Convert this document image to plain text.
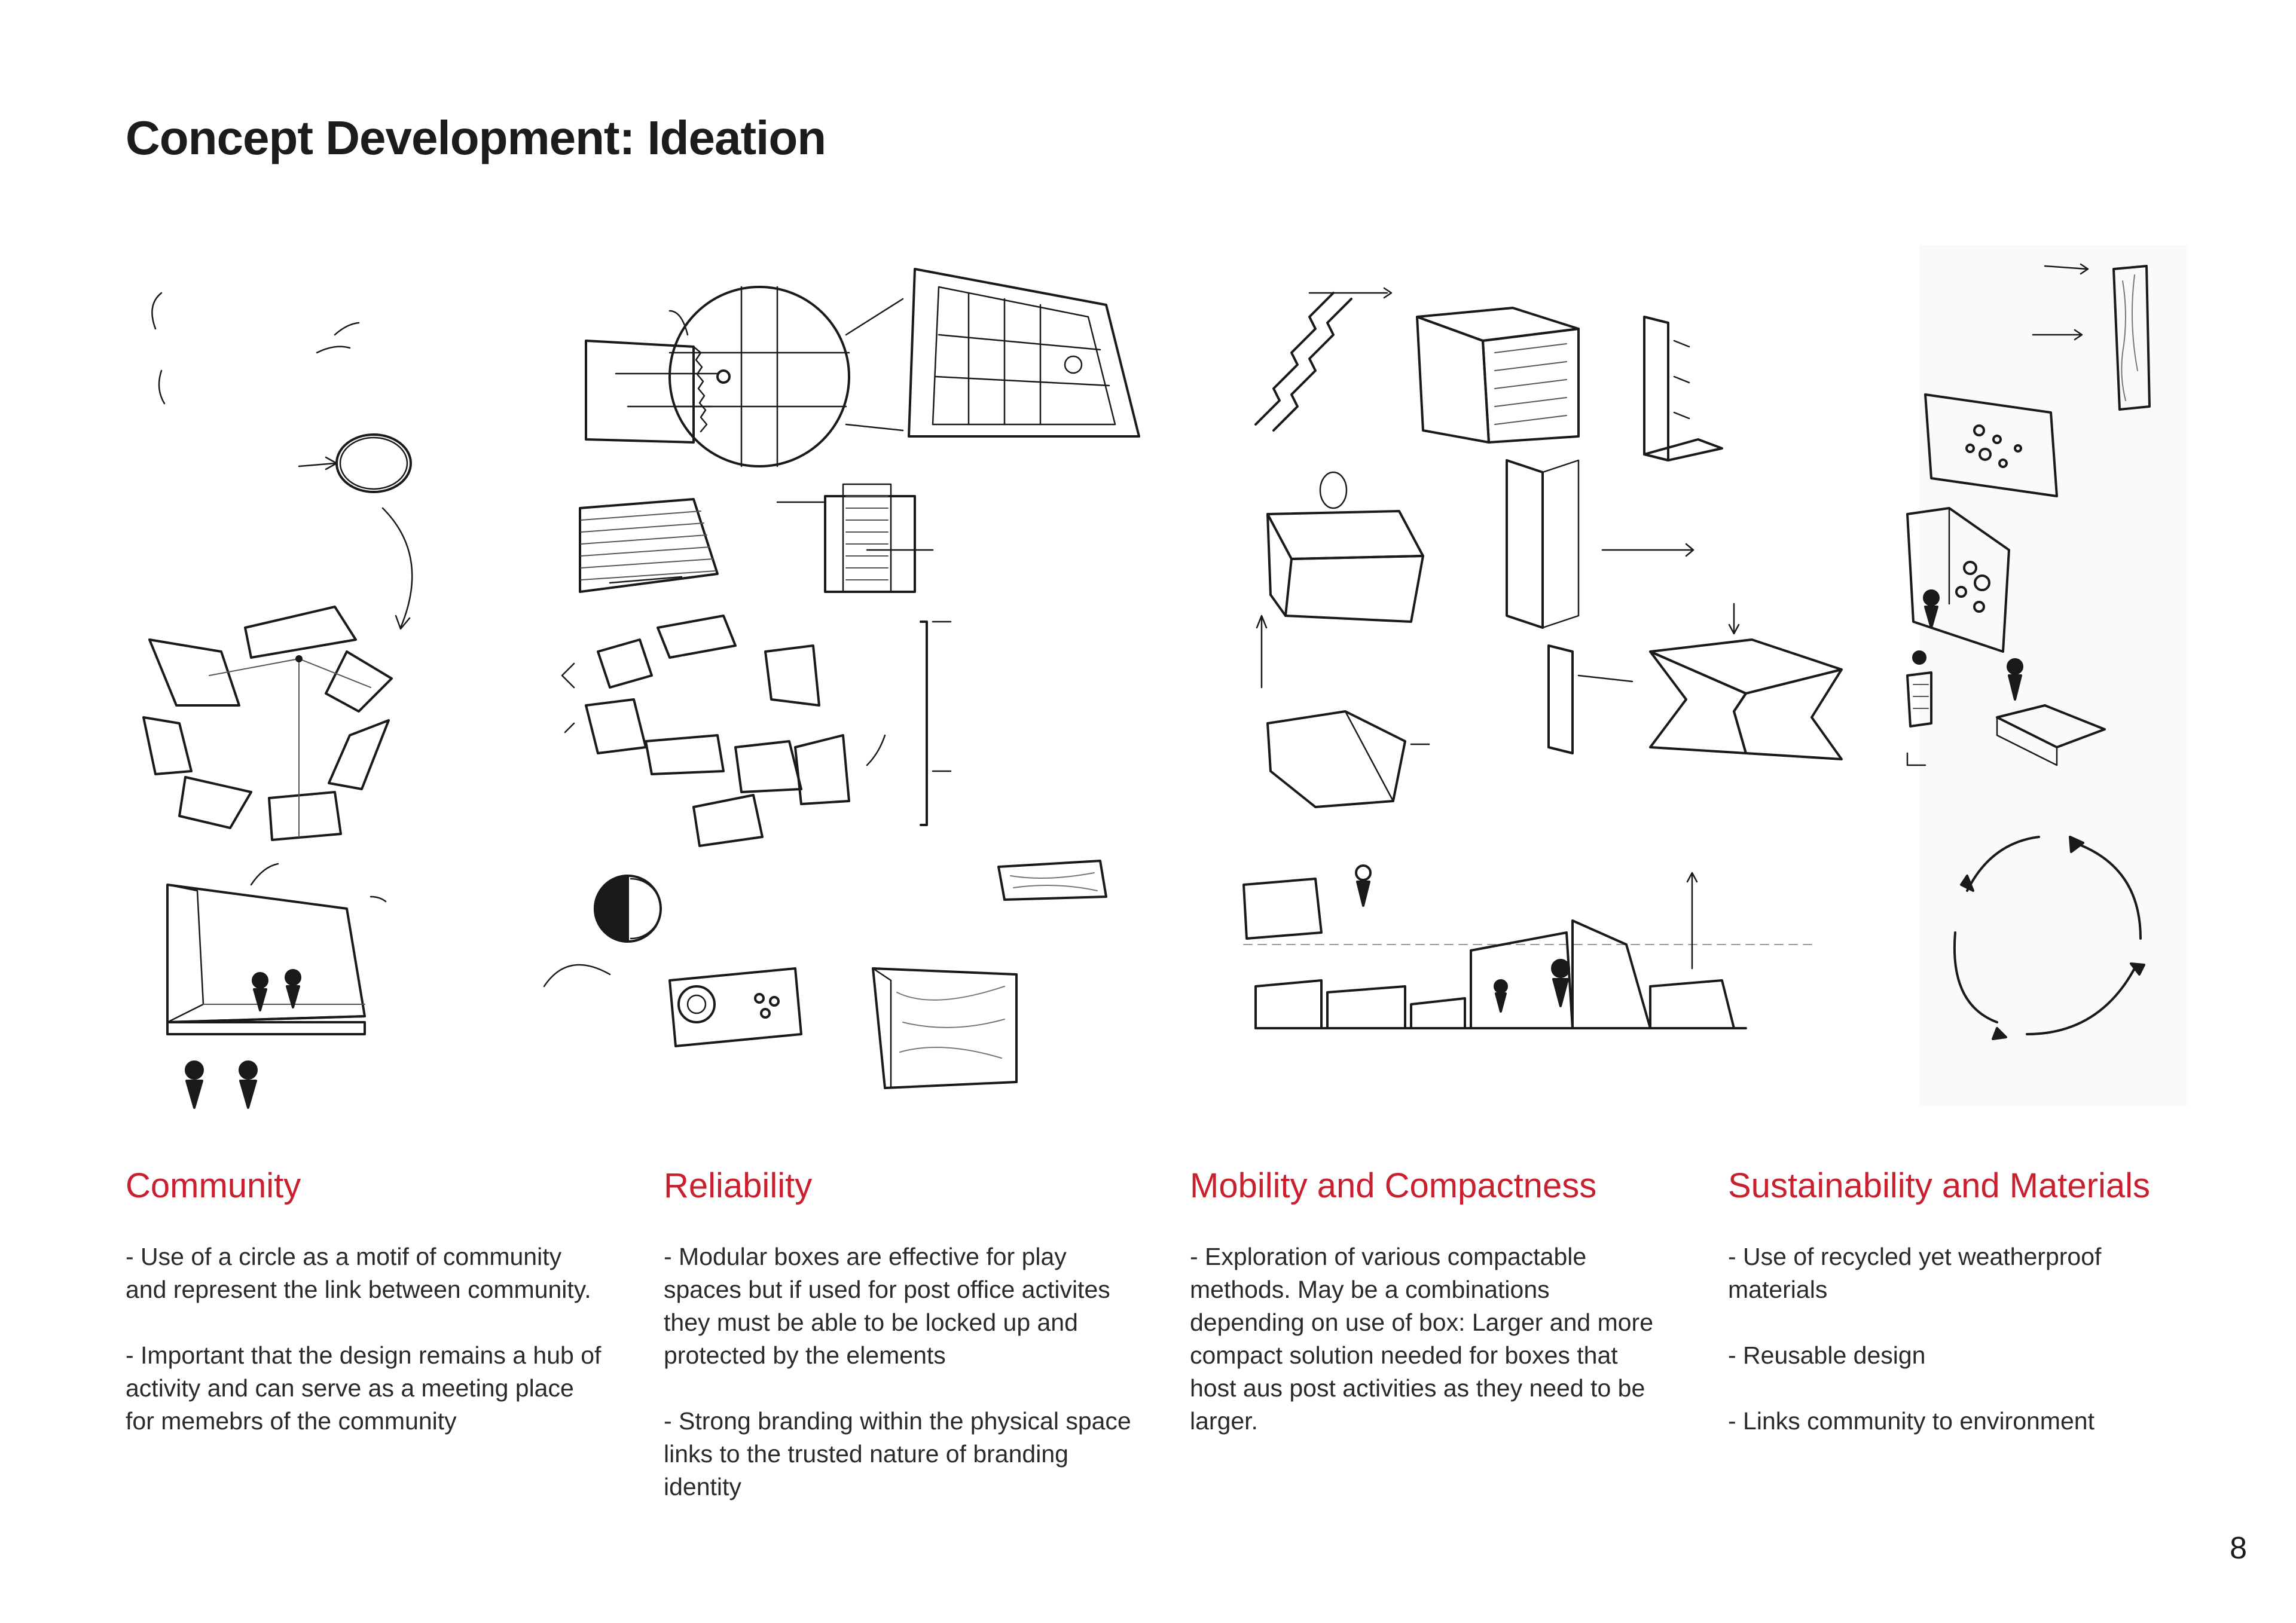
Concept Development: Ideation
Community

- Use of a circle as a motif of community and represent the link between community.

- Important that the design remains a hub of activity and can serve as a meeting place for memebrs of the community

Reliability

- Modular boxes are effective for play spaces but if used for post office activites they must be able to be locked up and protected by the elements

- Strong branding within the physical space links to the trusted nature of branding identity

Mobility and Compactness

- Exploration of various compactable methods. May be a combinations depending on use of box: Larger and more compact solution needed for boxes that host aus post activities as they need to be larger.

Sustainability and Materials

- Use of recycled yet weatherproof materials

- Reusable design

- Links community to environment

8
